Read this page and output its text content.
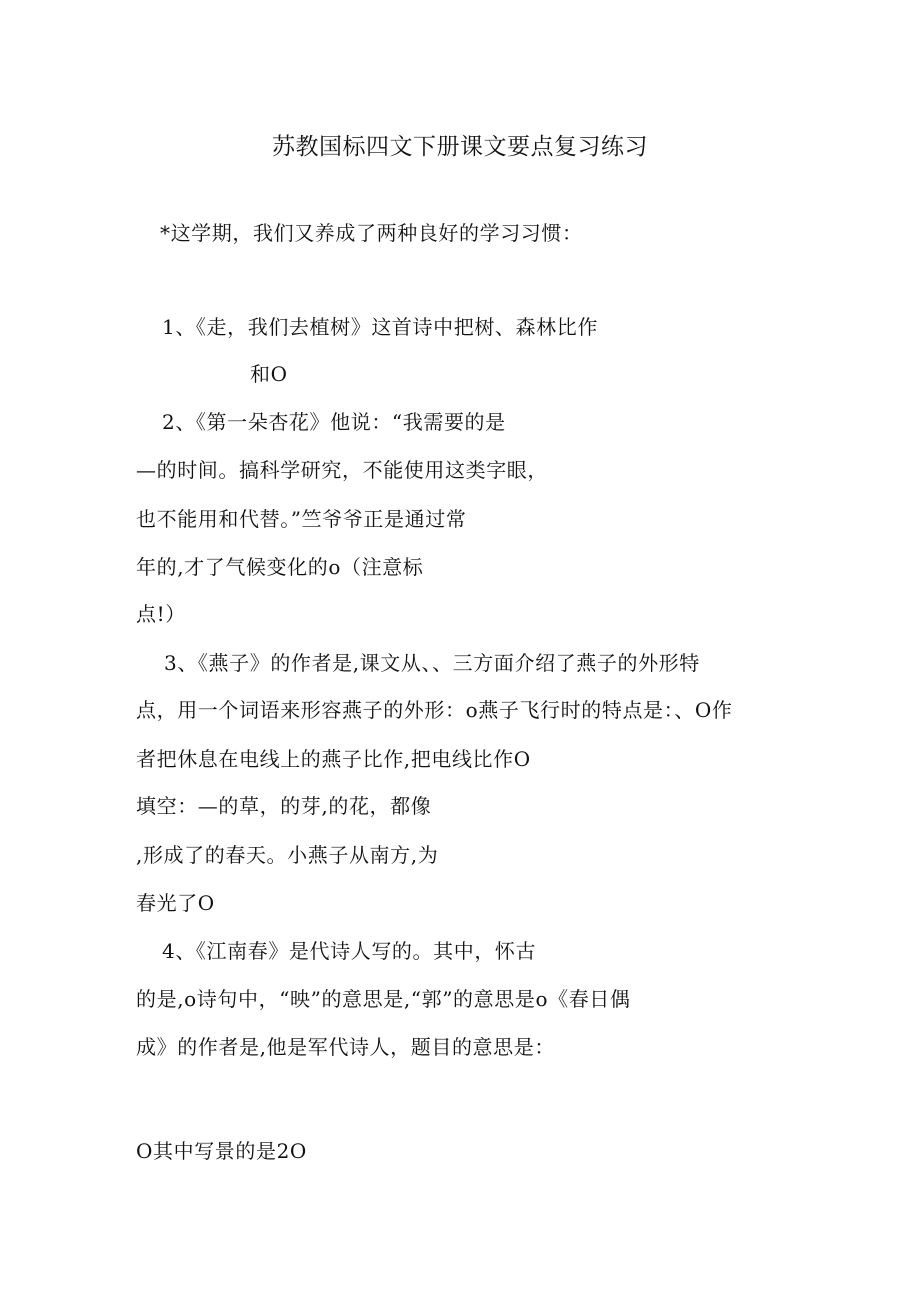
苏教国标四文下册课文要点复习练习
*这学期，我们又养成了两种良好的学习习惯：
1、《走，我们去植树》这首诗中把树、森林比作
和O
2、《第一朵杏花》他说：“我需要的是
—的时间。搞科学研究，不能使用这类字眼，
也不能用和代替。”竺爷爷正是通过常
年的,才了气候变化的o（注意标
点!）
3、《燕子》的作者是,课文从、、三方面介绍了燕子的外形特
点，用一个词语来形容燕子的外形：o燕子飞行时的特点是：、O作
者把休息在电线上的燕子比作,把电线比作O
填空：—的草，的芽,的花，都像
,形成了的春天。小燕子从南方,为
春光了O
4、《江南春》是代诗人写的。其中，怀古
的是,o诗句中，“映”的意思是,“郭”的意思是o《春日偶
成》的作者是,他是军代诗人，题目的意思是：
O其中写景的是2O
